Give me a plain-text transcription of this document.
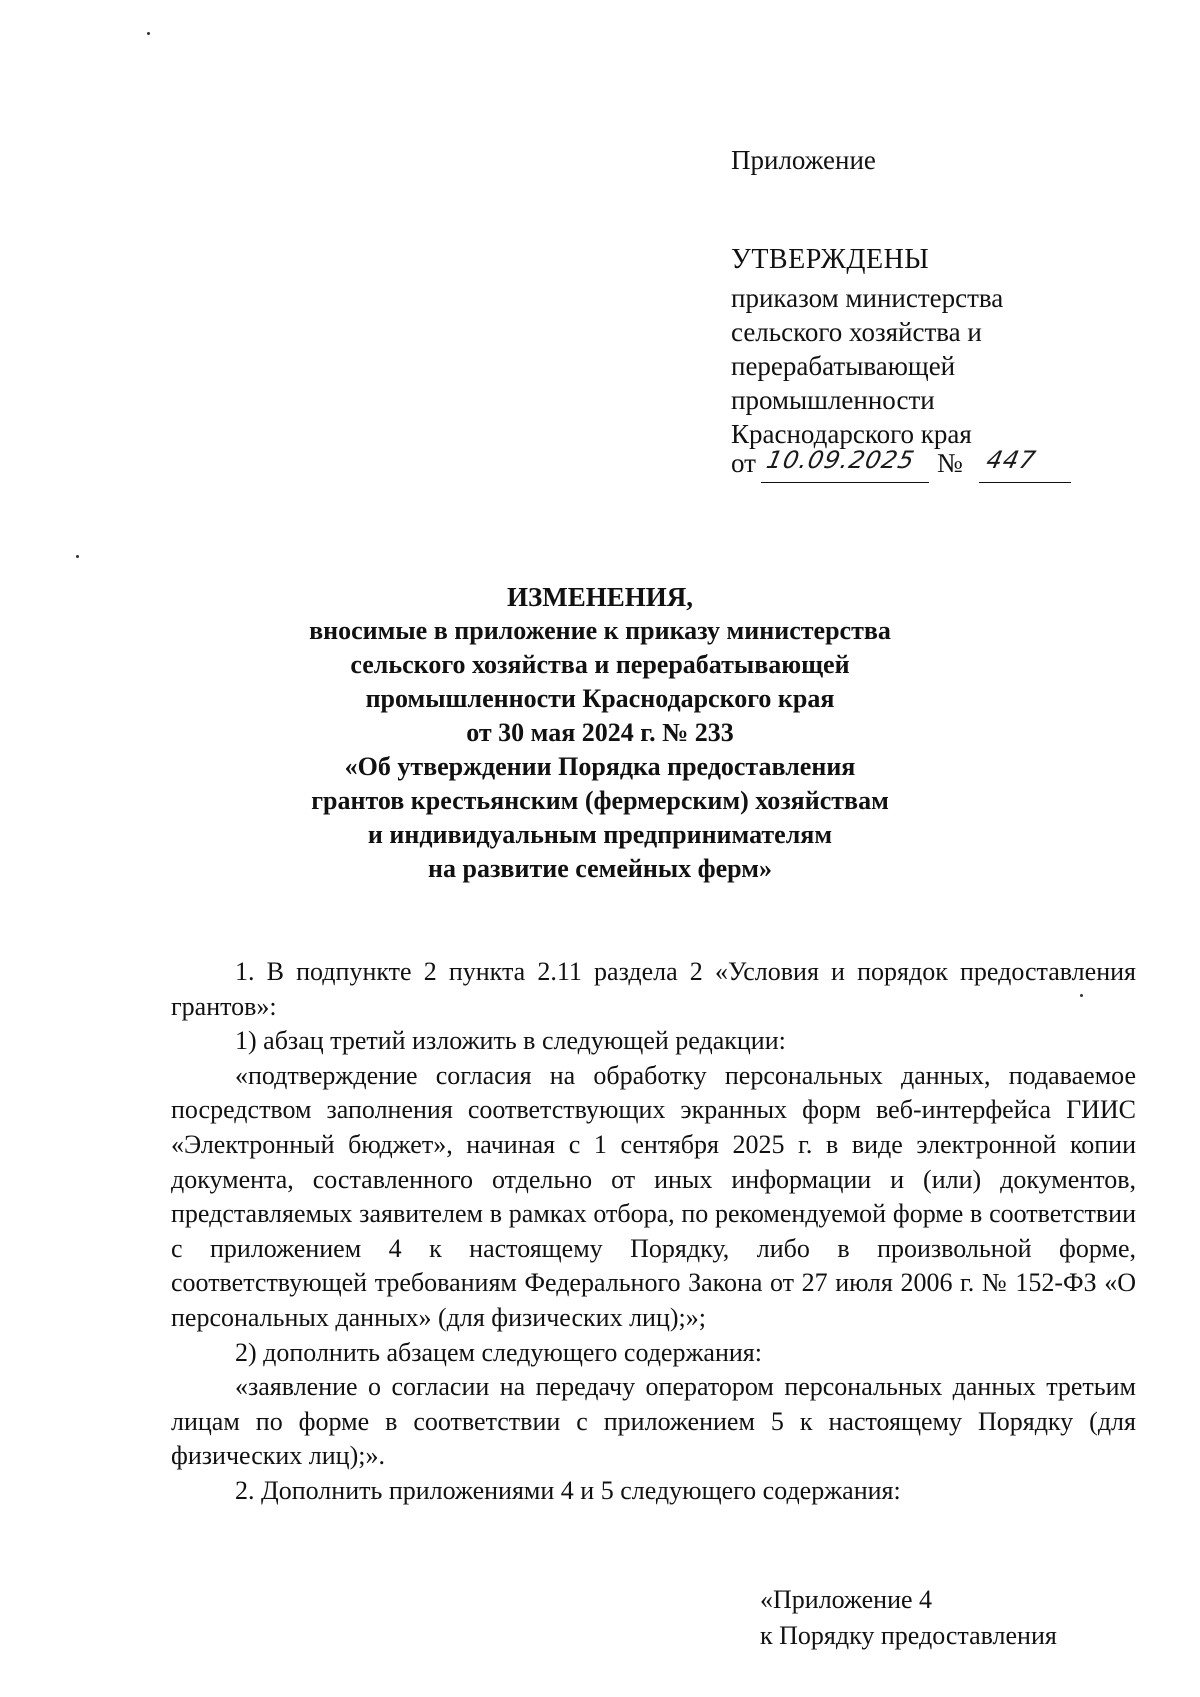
Приложение
УТВЕРЖДЕНЫ
приказом министерства
сельского хозяйства и
перерабатывающей
промышленности
Краснодарского края
от 10.09.2025 № 447
ИЗМЕНЕНИЯ,
вносимые в приложение к приказу министерства
сельского хозяйства и перерабатывающей
промышленности Краснодарского края
от 30 мая 2024 г. № 233
«Об утверждении Порядка предоставления
грантов крестьянским (фермерским) хозяйствам
и индивидуальным предпринимателям
на развитие семейных ферм»
1. В подпункте 2 пункта 2.11 раздела 2 «Условия и порядок предоставления грантов»:
1) абзац третий изложить в следующей редакции:
«подтверждение согласия на обработку персональных данных, подаваемое посредством заполнения соответствующих экранных форм веб-интерфейса ГИИС «Электронный бюджет», начиная с 1 сентября 2025 г. в виде электронной копии документа, составленного отдельно от иных информации и (или) документов, представляемых заявителем в рамках отбора, по рекомендуемой форме в соответствии с приложением 4 к настоящему Порядку, либо в произвольной форме, соответствующей требованиям Федерального Закона от 27 июля 2006 г. № 152-ФЗ «О персональных данных» (для физических лиц);»;
2) дополнить абзацем следующего содержания:
«заявление о согласии на передачу оператором персональных данных третьим лицам по форме в соответствии с приложением 5 к настоящему Порядку (для физических лиц);».
2. Дополнить приложениями 4 и 5 следующего содержания:
«Приложение 4
к Порядку предоставления
